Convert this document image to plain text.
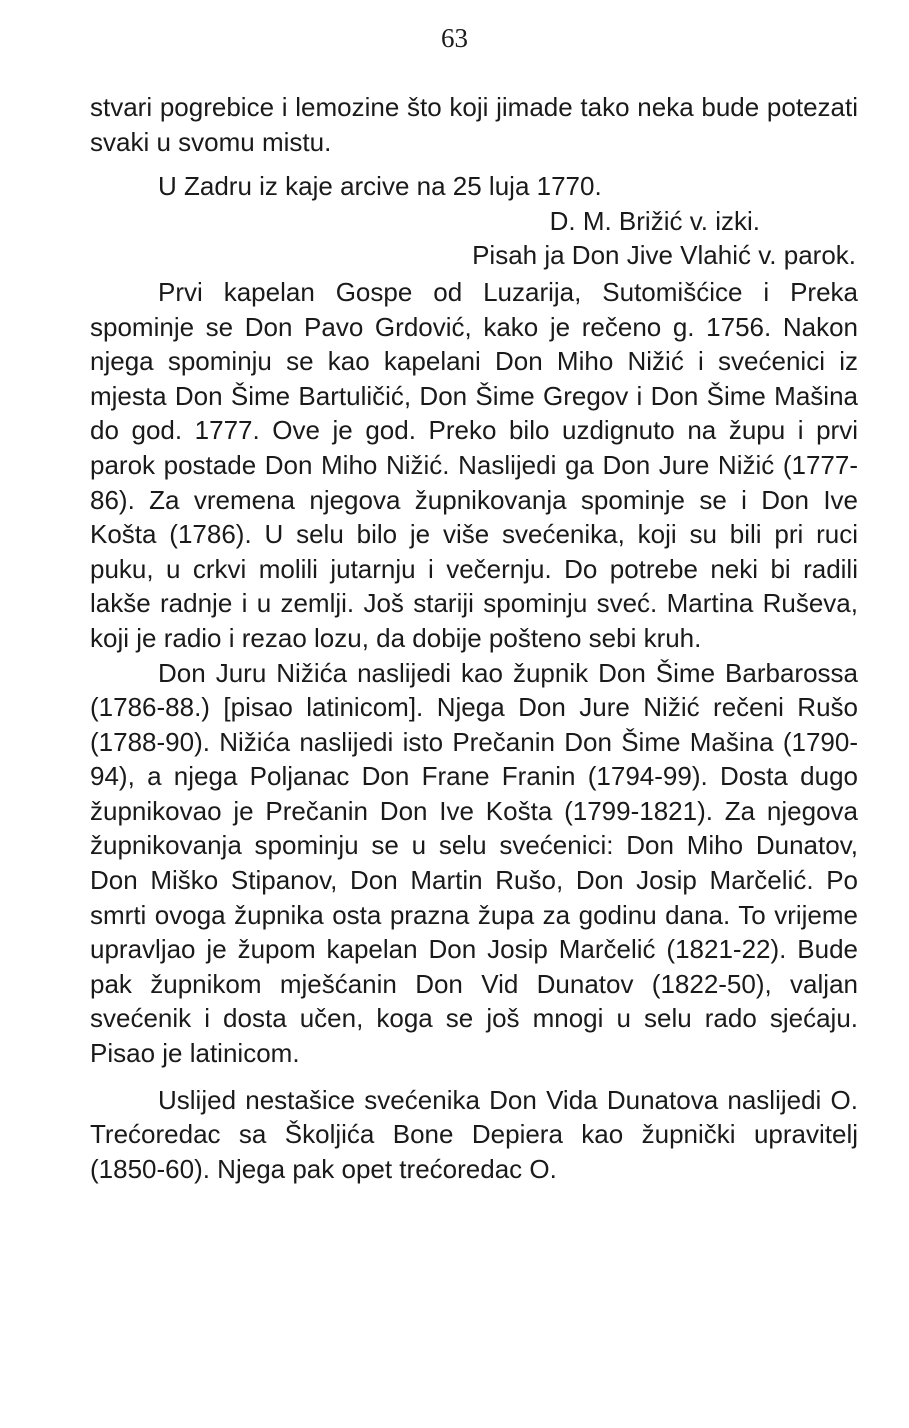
63

stvari pogrebice i lemozine što koji jimade tako neka bude potezati svaki u svomu mistu.

U Zadru iz kaje arcive na 25 luja 1770.

D. M. Brižić v. izki.

Pisah ja Don Jive Vlahić v. parok.

Prvi kapelan Gospe od Luzarija, Sutomišćice i Preka spominje se Don Pavo Grdović, kako je rečeno g. 1756. Nakon njega spominju se kao kapelani Don Miho Nižić i svećenici iz mjesta Don Šime Bartuličić, Don Šime Gregov i Don Šime Mašina do god. 1777. Ove je god. Preko bilo uzdignuto na župu i prvi parok postade Don Miho Nižić. Naslijedi ga Don Jure Nižić (1777-86). Za vremena njegova župnikovanja spominje se i Don Ive Košta (1786). U selu bilo je više svećenika, koji su bili pri ruci puku, u crkvi molili jutarnju i večernju. Do potrebe neki bi radili lakše radnje i u zemlji. Još stariji spominju sveć. Martina Ruševa, koji je radio i rezao lozu, da dobije pošteno sebi kruh.

Don Juru Nižića naslijedi kao župnik Don Šime Barbarossa (1786-88.) [pisao latinicom]. Njega Don Jure Nižić rečeni Rušo (1788-90). Nižića naslijedi isto Prečanin Don Šime Mašina (1790-94), a njega Poljanac Don Frane Franin (1794-99). Dosta dugo župnikovao je Prečanin Don Ive Košta (1799-1821). Za njegova župnikovanja spominju se u selu svećenici: Don Miho Dunatov, Don Miško Stipanov, Don Martin Rušo, Don Josip Marčelić. Po smrti ovoga župnika osta prazna župa za godinu dana. To vrijeme upravljao je župom kapelan Don Josip Marčelić (1821-22). Bude pak župnikom mješćanin Don Vid Dunatov (1822-50), valjan svećenik i dosta učen, koga se još mnogi u selu rado sjećaju. Pisao je latinicom.

Uslijed nestašice svećenika Don Vida Dunatova naslijedi O. Trećoredac sa Školjića Bone Depiera kao župnički upravitelj (1850-60). Njega pak opet trećoredac O.
